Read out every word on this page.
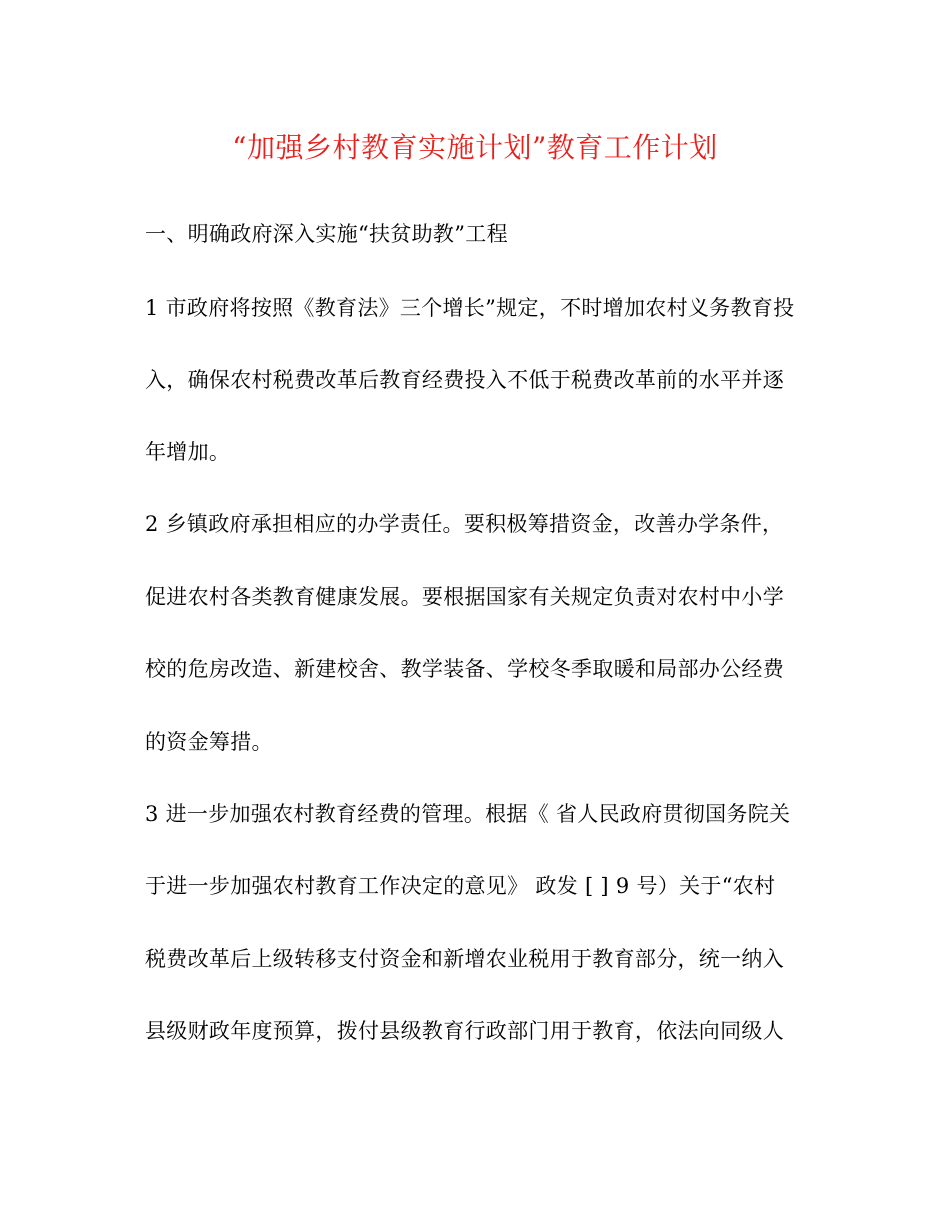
“加强乡村教育实施计划”教育工作计划
一、明确政府深入实施“扶贫助教”工程
1 市政府将按照《教育法》三个增长”规定，不时增加农村义务教育投
入，确保农村税费改革后教育经费投入不低于税费改革前的水平并逐
年增加。
2 乡镇政府承担相应的办学责任。要积极筹措资金，改善办学条件，
促进农村各类教育健康发展。要根据国家有关规定负责对农村中小学
校的危房改造、新建校舍、教学装备、学校冬季取暖和局部办公经费
的资金筹措。
3 进一步加强农村教育经费的管理。根据《 省人民政府贯彻国务院关
于进一步加强农村教育工作决定的意见》 政发 [ ] 9 号）关于“农村
税费改革后上级转移支付资金和新增农业税用于教育部分，统一纳入
县级财政年度预算，拨付县级教育行政部门用于教育，依法向同级人
